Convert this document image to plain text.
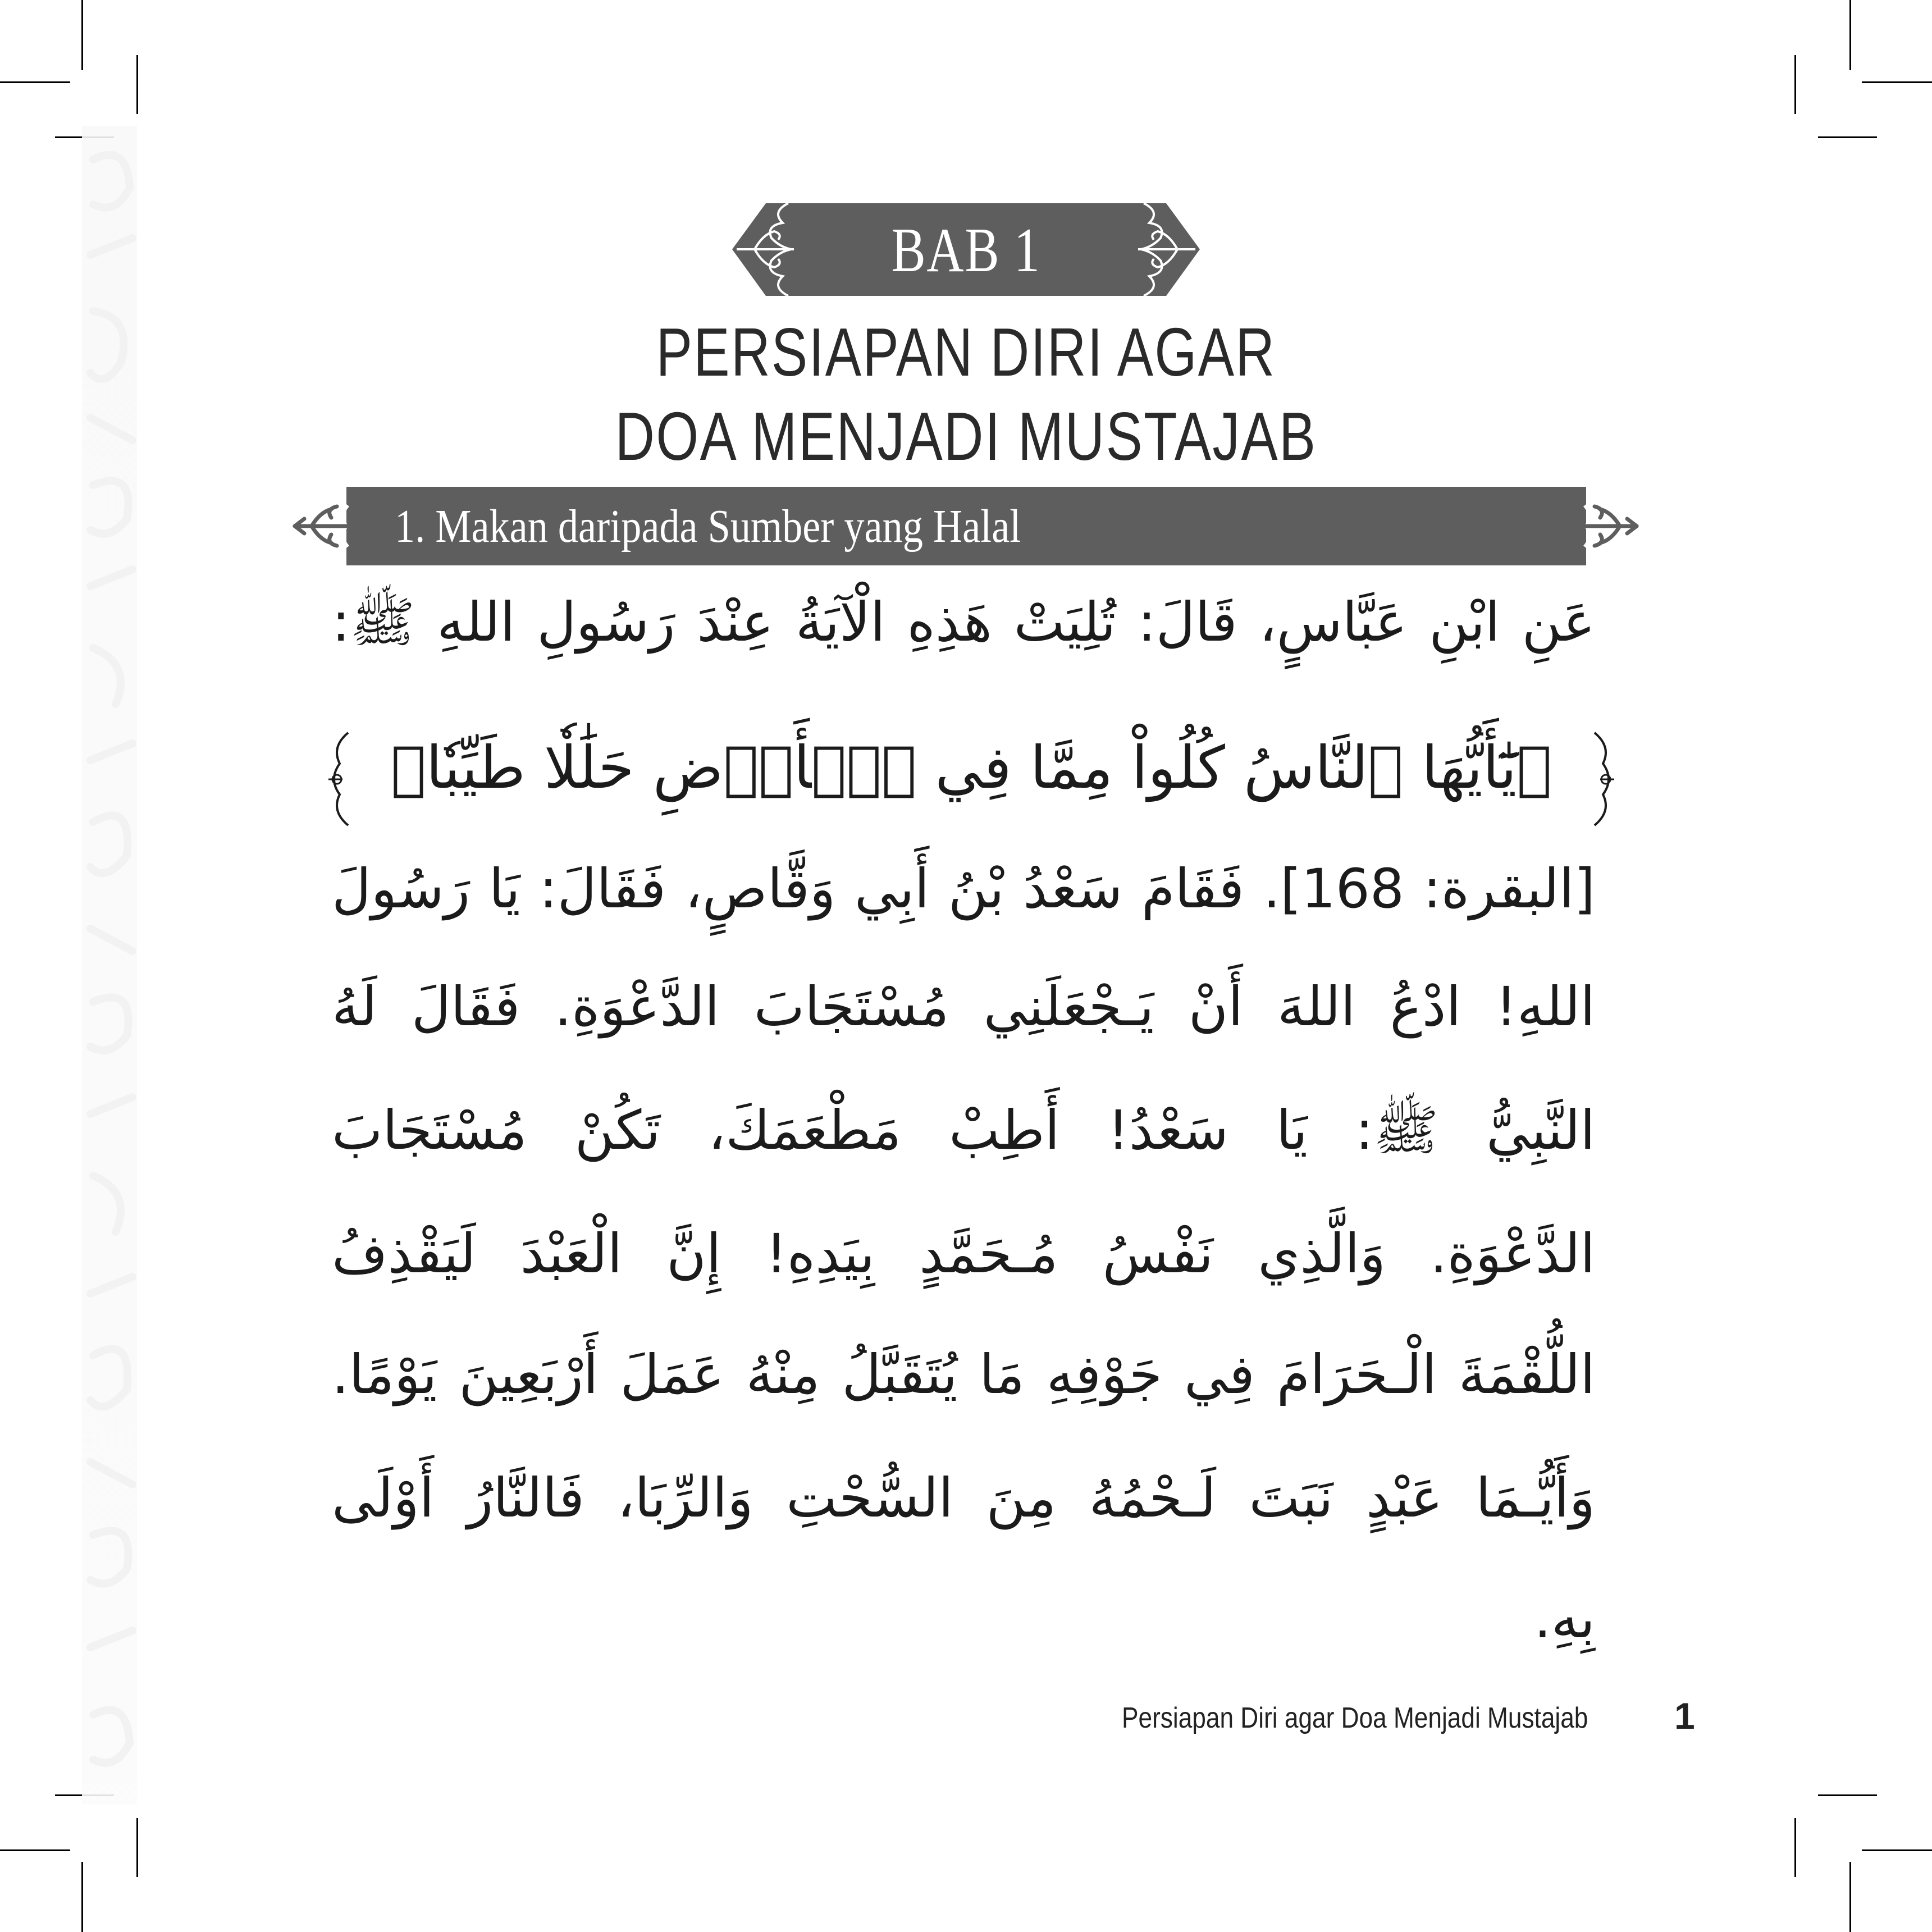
BAB 1
PERSIAPAN DIRI AGAR
DOA MENJADI MUSTAJAB
1. Makan daripada Sumber yang Halal
عَنِ ابْنِ عَبَّاسٍ، قَالَ: تُلِيَتْ هَذِهِ الْآيَةُ عِنْدَ رَسُولِ اللهِ ﷺ:
﴿يَٰٓأَيُّهَا ٱلنَّاسُ كُلُواْ مِمَّا فِي ٱلۡأَرۡضِ حَلَٰلٗا طَيِّبٗا﴾
[البقرة: 168]. فَقَامَ سَعْدُ بْنُ أَبِي وَقَّاصٍ، فَقَالَ: يَا رَسُولَ
اللهِ! ادْعُ اللهَ أَنْ يَـجْعَلَنِي مُسْتَجَابَ الدَّعْوَةِ. فَقَالَ لَهُ
النَّبِيُّ ﷺ: يَا سَعْدُ! أَطِبْ مَطْعَمَكَ، تَكُنْ مُسْتَجَابَ
الدَّعْوَةِ. وَالَّذِي نَفْسُ مُـحَمَّدٍ بِيَدِهِ! إِنَّ الْعَبْدَ لَيَقْذِفُ
اللُّقْمَةَ الْـحَرَامَ فِي جَوْفِهِ مَا يُتَقَبَّلُ مِنْهُ عَمَلَ أَرْبَعِينَ يَوْمًا.
وَأَيُّـمَا عَبْدٍ نَبَتَ لَـحْمُهُ مِنَ السُّحْتِ وَالرِّبَا، فَالنَّارُ أَوْلَى
بِهِ.
Persiapan Diri agar Doa Menjadi Mustajab 1
